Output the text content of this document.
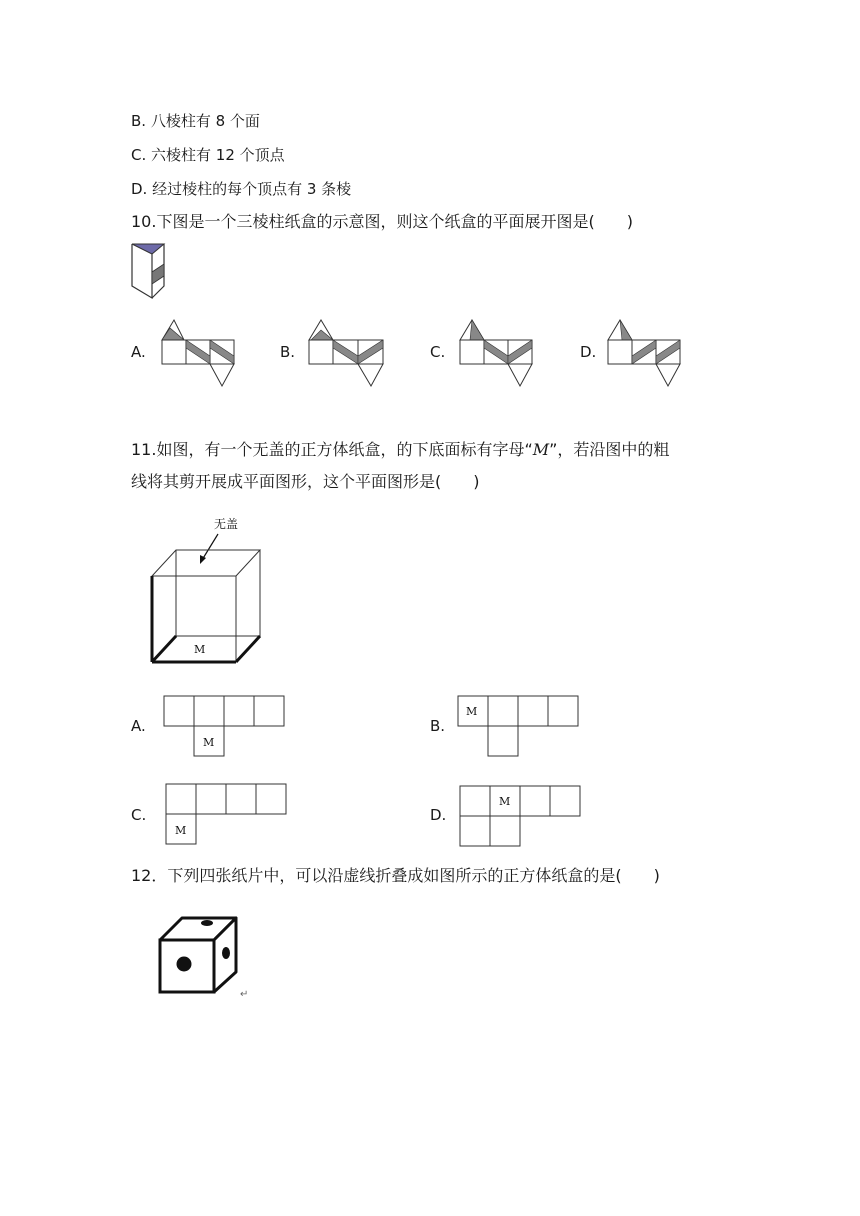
B. 八棱柱有 8 个面
C. 六棱柱有 12 个顶点
D. 经过棱柱的每个顶点有 3 条棱
10.下图是一个三棱柱纸盒的示意图，则这个纸盒的平面展开图是(　　)
A.	B.	C.	D.
11.如图，有一个无盖的正方体纸盒，的下底面标有字母“M”，若沿图中的粗
线将其剪开展成平面图形，这个平面图形是(　　)
无盖
M
A.
M
B.
M
C.
M
D.
M
12．下列四张纸片中，可以沿虚线折叠成如图所示的正方体纸盒的是(　　)
↵
